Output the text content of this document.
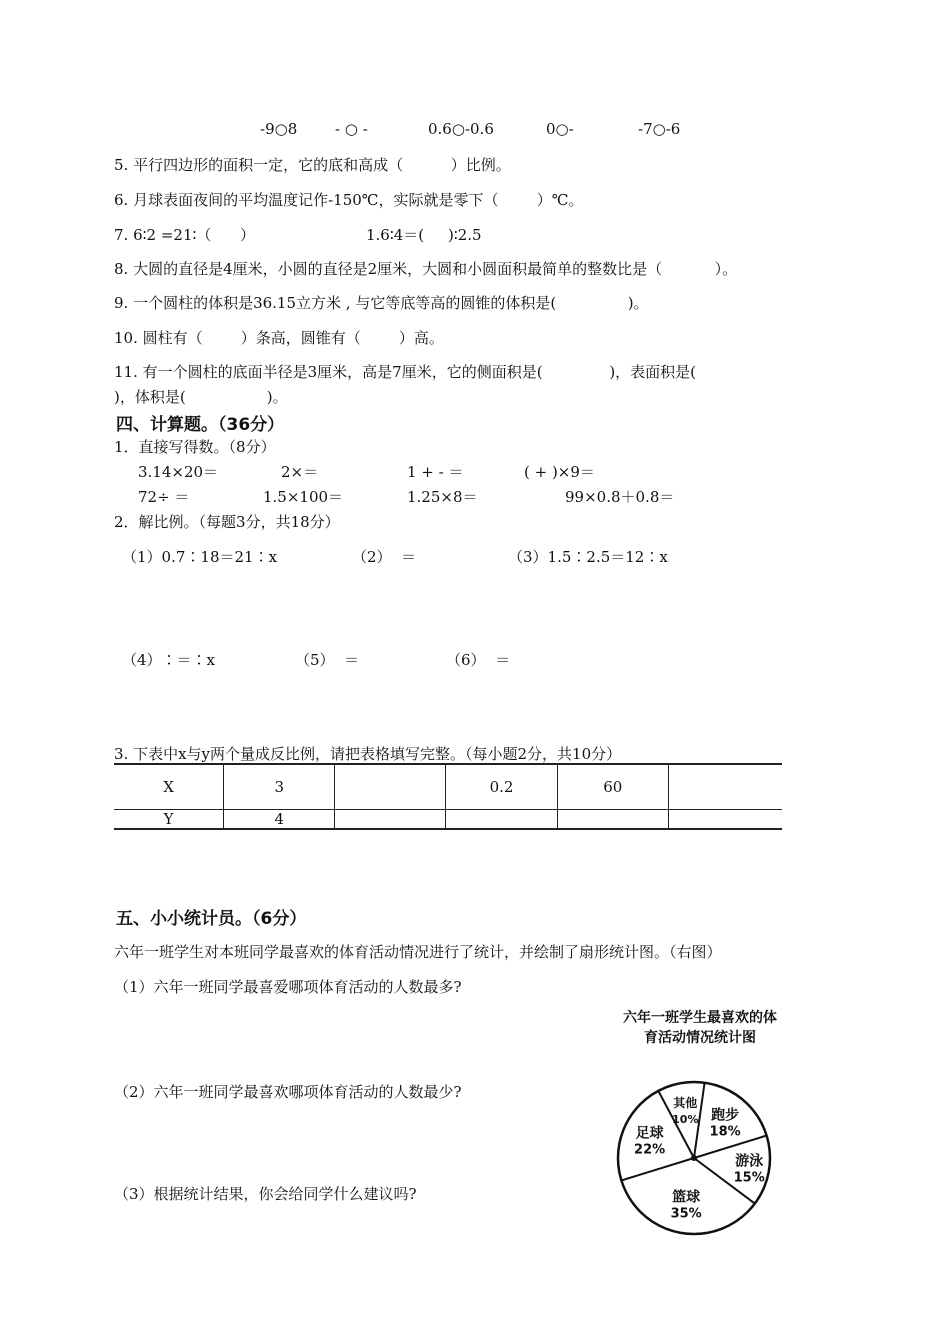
-9○8	- ○ -	0.6○-0.6	0○-	-7○-6
5. 平行四边形的面积一定，它的底和高成（          ）比例。
6. 月球表面夜间的平均温度记作-150℃，实际就是零下（        ）℃。
7. 6∶2 =21∶（      ）	1.6∶4＝(     )∶2.5
8. 大圆的直径是4厘米，小圆的直径是2厘米，大圆和小圆面积最简单的整数比是（           ）。
9. 一个圆柱的体积是36.15立方米 , 与它等底等高的圆锥的体积是(               )。
10. 圆柱有（        ）条高，圆锥有（        ）高。
11. 有一个圆柱的底面半径是3厘米，高是7厘米，它的侧面积是(              )，表面积是(
)，体积是(                 )。
四、计算题。（36分）
1．直接写得数。（8分）
3.14×20＝	2×＝	1 + - ＝	( + )×9＝
72÷ ＝	1.5×100＝	1.25×8＝	99×0.8＋0.8＝
2．解比例。（每题3分，共18分）
（1）0.7∶18＝21∶x	（2）  ＝	（3）1.5∶2.5＝12∶x
（4）∶＝∶x	（5）  ＝	（6）  ＝
3. 下表中x与y两个量成反比例，请把表格填写完整。（每小题2分，共10分）
X	3		0.2	60	
Y	4				
五、小小统计员。（6分）
六年一班学生对本班同学最喜欢的体育活动情况进行了统计，并绘制了扇形统计图。（右图）
（1）六年一班同学最喜爱哪项体育活动的人数最多?
（2）六年一班同学最喜欢哪项体育活动的人数最少?
（3）根据统计结果，你会给同学什么建议吗?
六年一班学生最喜欢的体
育活动情况统计图
其他
10% 跑步
18%
游泳
15%
篮球
35%
足球
22%
